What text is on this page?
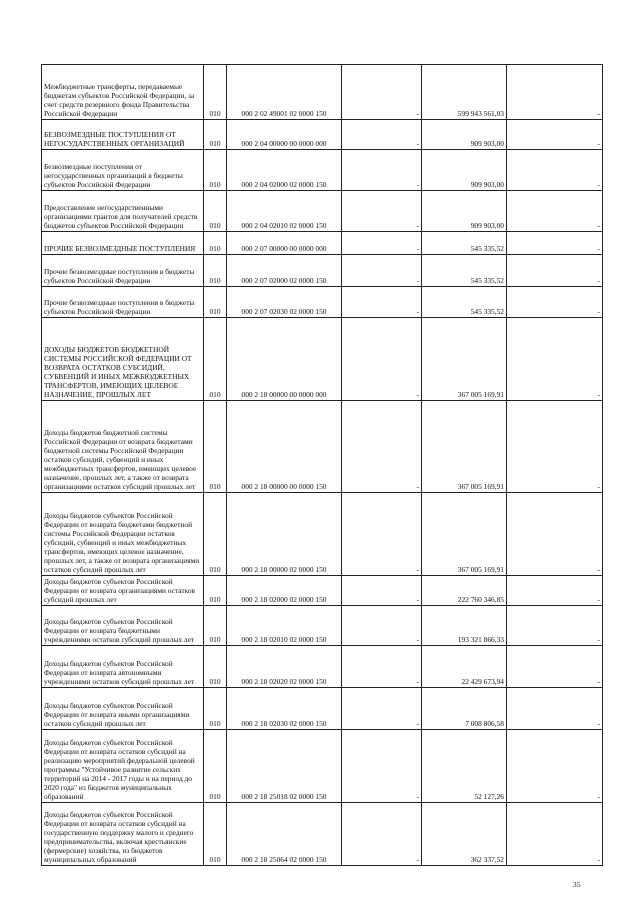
Межбюджетные трансферты, передаваемые бюджетам субъектов Российской Федерации, за счет средств резервного фонда Правительства Российской Федерации	010	000 2 02 49001 02 0000 150	-	599 943 561,03	-
БЕЗВОЗМЕЗДНЫЕ ПОСТУПЛЕНИЯ ОТ НЕГОСУДАРСТВЕННЫХ ОРГАНИЗАЦИЙ	010	000 2 04 00000 00 0000 000	-	909 903,00	-
Безвозмездные поступления от негосударственных организаций в бюджеты субъектов Российской Федерации	010	000 2 04 02000 02 0000 150	-	909 903,00	-
Предоставление негосударственными организациями грантов для получателей средств бюджетов субъектов Российской Федерации	010	000 2 04 02010 02 0000 150	-	909 903,00	-
ПРОЧИЕ БЕЗВОЗМЕЗДНЫЕ ПОСТУПЛЕНИЯ	010	000 2 07 00000 00 0000 000	-	545 335,52	-
Прочие безвозмездные поступления в бюджеты субъектов Российской Федерации	010	000 2 07 02000 02 0000 150	-	545 335,52	-
Прочие безвозмездные поступления в бюджеты субъектов Российской Федерации	010	000 2 07 02030 02 0000 150	-	545 335,52	-
ДОХОДЫ БЮДЖЕТОВ БЮДЖЕТНОЙ СИСТЕМЫ РОССИЙСКОЙ ФЕДЕРАЦИИ ОТ ВОЗВРАТА ОСТАТКОВ СУБСИДИЙ, СУБВЕНЦИЙ И ИНЫХ МЕЖБЮДЖЕТНЫХ ТРАНСФЕРТОВ, ИМЕЮЩИХ ЦЕЛЕВОЕ НАЗНАЧЕНИЕ, ПРОШЛЫХ ЛЕТ	010	000 2 18 00000 00 0000 000	-	367 005 169,91	-
Доходы бюджетов бюджетной системы Российской Федерации от возврата бюджетами бюджетной системы Российской Федерации остатков субсидий, субвенций и иных межбюджетных трансфертов, имеющих целевое назначение, прошлых лет, а также от возврата организациями остатков субсидий прошлых лет	010	000 2 18 00000 00 0000 150	-	367 005 169,91	-
Доходы бюджетов субъектов Российской Федерации от возврата бюджетами бюджетной системы Российской Федерации остатков субсидий, субвенций и иных межбюджетных трансфертов, имеющих целевое назначение, прошлых лет, а также от возврата организациями остатков субсидий прошлых лет	010	000 2 18 00000 02 0000 150	-	367 005 169,91	-
Доходы бюджетов субъектов Российской Федерации от возврата организациями остатков субсидий прошлых лет	010	000 2 18 02000 02 0000 150	-	222 760 346,85	-
Доходы бюджетов субъектов Российской Федерации от возврата бюджетными учреждениями остатков субсидий прошлых лет	010	000 2 18 02010 02 0000 150	-	193 321 866,33	-
Доходы бюджетов субъектов Российской Федерации от возврата автономными учреждениями остатков субсидий прошлых лет	010	000 2 18 02020 02 0000 150	-	22 429 673,94	-
Доходы бюджетов субъектов Российской Федерации от возврата иными организациями остатков субсидий прошлых лет	010	000 2 18 02030 02 0000 150	-	7 008 806,58	-
Доходы бюджетов субъектов Российской Федерации от возврата остатков субсидий на реализацию мероприятий федеральной целевой программы "Устойчивое развитие сельских территорий на 2014 - 2017 годы и на период до 2020 года" из бюджетов муниципальных образований	010	000 2 18 25018 02 0000 150	-	52 127,26	-
Доходы бюджетов субъектов Российской Федерации от возврата остатков субсидий на государственную поддержку малого и среднего предпринимательства, включая крестьянские (фермерские) хозяйства, из бюджетов муниципальных образований	010	000 2 18 25064 02 0000 150	-	362 337,52	-
35
